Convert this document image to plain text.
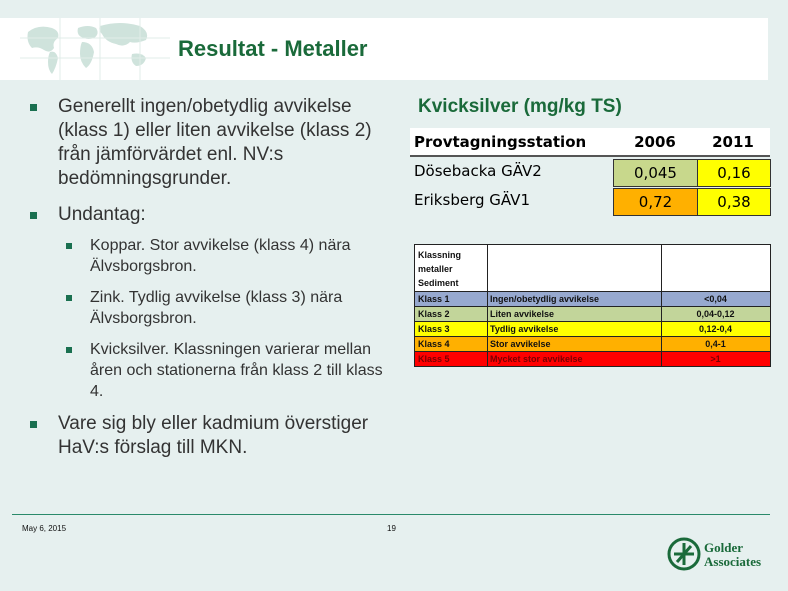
Resultat - Metaller
Generellt ingen/obetydlig avvikelse (klass 1) eller liten avvikelse (klass 2) från jämförvärdet enl. NV:s bedömningsgrunder.
Undantag:
Koppar. Stor avvikelse (klass 4) nära Älvsborgsbron.
Zink. Tydlig avvikelse (klass 3) nära Älvsborgsbron.
Kvicksilver. Klassningen varierar mellan åren och stationerna från klass 2 till klass 4.
Vare sig bly eller kadmium överstiger HaV:s förslag till MKN.
Kvicksilver (mg/kg TS)
Provtagningsstation	2006	2011
Dösebacka GÄV2	0,045	0,16
Eriksberg GÄV1	0,72	0,38
Klassning metaller Sediment
Klass 1	Ingen/obetydlig avvikelse	<0,04
Klass 2	Liten avvikelse	0,04-0,12
Klass 3	Tydlig avvikelse	0,12-0,4
Klass 4	Stor avvikelse	0,4-1
Klass 5	Mycket stor avvikelse	>1
May 6, 2015	19
Golder
Associates
